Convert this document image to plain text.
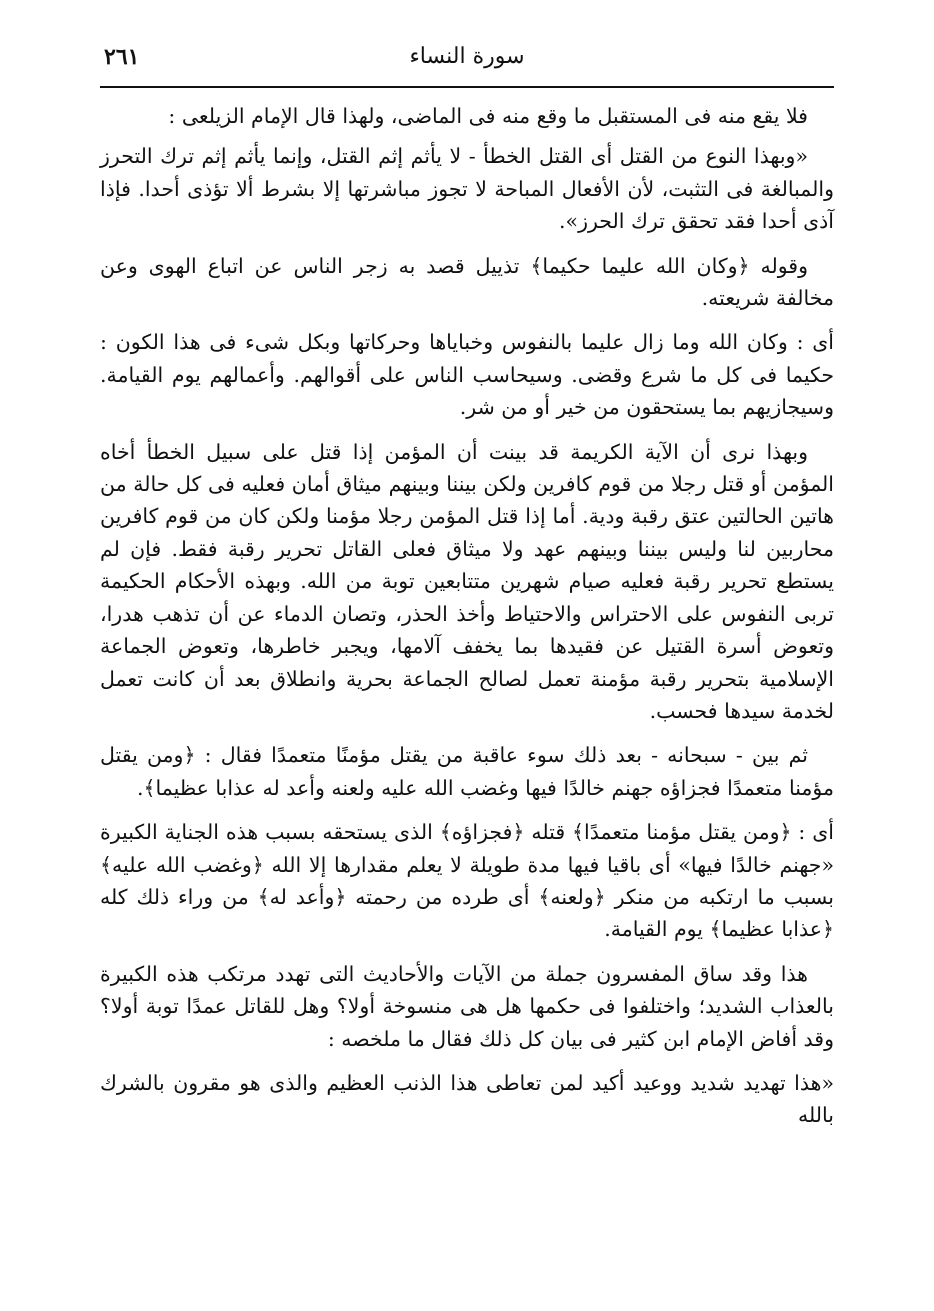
٢٦١	سورة النساء

فلا يقع منه فى المستقبل ما وقع منه فى الماضى، ولهذا قال الإمام الزيلعى :

«وبهذا النوع من القتل أى القتل الخطأ - لا يأثم إثم القتل، وإنما يأثم إثم ترك التحرز والمبالغة فى التثبت، لأن الأفعال المباحة لا تجوز مباشرتها إلا بشرط ألا تؤذى أحدا. فإذا آذى أحدا فقد تحقق ترك الحرز».

وقوله ﴿وكان الله عليما حكيما﴾ تذييل قصد به زجر الناس عن اتباع الهوى وعن مخالفة شريعته.

أى : وكان الله وما زال عليما بالنفوس وخباياها وحركاتها وبكل شىء فى هذا الكون : حكيما فى كل ما شرع وقضى. وسيحاسب الناس على أقوالهم. وأعمالهم يوم القيامة. وسيجازيهم بما يستحقون من خير أو من شر.

وبهذا نرى أن الآية الكريمة قد بينت أن المؤمن إذا قتل على سبيل الخطأ أخاه المؤمن أو قتل رجلا من قوم كافرين ولكن بيننا وبينهم ميثاق أمان فعليه فى كل حالة من هاتين الحالتين عتق رقبة ودية. أما إذا قتل المؤمن رجلا مؤمنا ولكن كان من قوم كافرين محاربين لنا وليس بيننا وبينهم عهد ولا ميثاق فعلى القاتل تحرير رقبة فقط. فإن لم يستطع تحرير رقبة فعليه صيام شهرين متتابعين توبة من الله. وبهذه الأحكام الحكيمة تربى النفوس على الاحتراس والاحتياط وأخذ الحذر، وتصان الدماء عن أن تذهب هدرا، وتعوض أسرة القتيل عن فقيدها بما يخفف آلامها، ويجبر خاطرها، وتعوض الجماعة الإسلامية بتحرير رقبة مؤمنة تعمل لصالح الجماعة بحرية وانطلاق بعد أن كانت تعمل لخدمة سيدها فحسب.

ثم بين - سبحانه - بعد ذلك سوء عاقبة من يقتل مؤمنًا متعمدًا فقال : ﴿ومن يقتل مؤمنا متعمدًا فجزاؤه جهنم خالدًا فيها وغضب الله عليه ولعنه وأعد له عذابا عظيما﴾.

أى : ﴿ومن يقتل مؤمنا متعمدًا﴾ قتله ﴿فجزاؤه﴾ الذى يستحقه بسبب هذه الجناية الكبيرة «جهنم خالدًا فيها» أى باقيا فيها مدة طويلة لا يعلم مقدارها إلا الله ﴿وغضب الله عليه﴾ بسبب ما ارتكبه من منكر ﴿ولعنه﴾ أى طرده من رحمته ﴿وأعد له﴾ من وراء ذلك كله ﴿عذابا عظيما﴾ يوم القيامة.

هذا وقد ساق المفسرون جملة من الآيات والأحاديث التى تهدد مرتكب هذه الكبيرة بالعذاب الشديد؛ واختلفوا فى حكمها هل هى منسوخة أولا؟ وهل للقاتل عمدًا توبة أولا؟ وقد أفاض الإمام ابن كثير فى بيان كل ذلك فقال ما ملخصه :

«هذا تهديد شديد ووعيد أكيد لمن تعاطى هذا الذنب العظيم والذى هو مقرون بالشرك بالله
